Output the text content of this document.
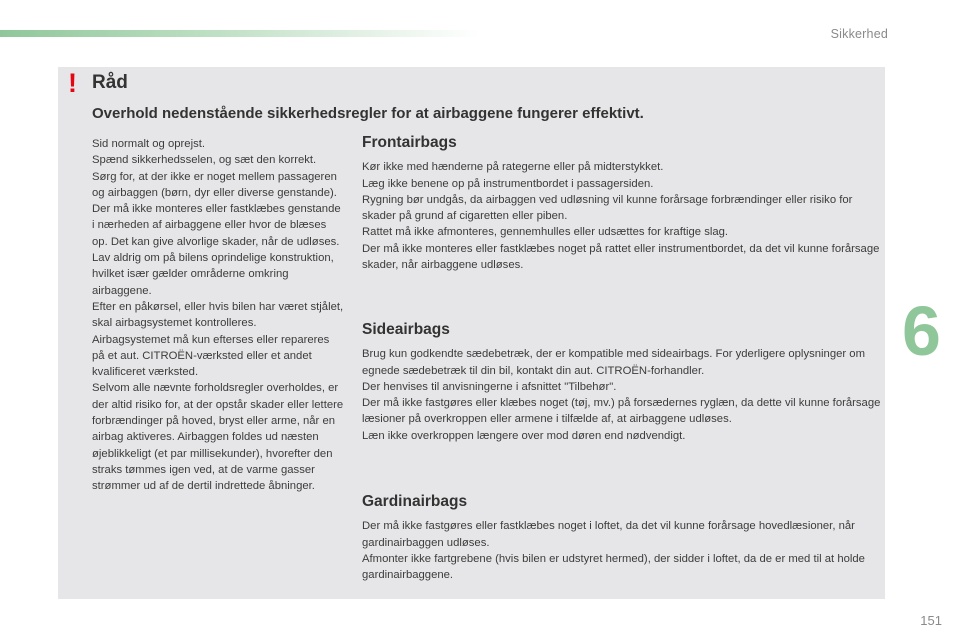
Sikkerhed
6
151
! Råd
Overhold nedenstående sikkerhedsregler for at airbaggene fungerer effektivt.

Sid normalt og oprejst.

Spænd sikkerhedsselen, og sæt den korrekt.

Sørg for, at der ikke er noget mellem passageren og airbaggen (børn, dyr eller diverse genstande). Der må ikke monteres eller fastklæbes genstande i nærheden af airbaggene eller hvor de blæses op. Det kan give alvorlige skader, når de udløses.

Lav aldrig om på bilens oprindelige konstruktion, hvilket især gælder områderne omkring airbaggene.

Efter en påkørsel, eller hvis bilen har været stjålet, skal airbagsystemet kontrolleres.

Airbagsystemet må kun efterses eller repareres på et aut. CITROËN-værksted eller et andet kvalificeret værksted.

Selvom alle nævnte forholdsregler overholdes, er der altid risiko for, at der opstår skader eller lettere forbrændinger på hoved, bryst eller arme, når en airbag aktiveres. Airbaggen foldes ud næsten øjeblikkeligt (et par millisekunder), hvorefter den straks tømmes igen ved, at de varme gasser strømmer ud af de dertil indrettede åbninger.

Frontairbags

Kør ikke med hænderne på rategerne eller på midterstykket.

Læg ikke benene op på instrumentbordet i passagersiden.

Rygning bør undgås, da airbaggen ved udløsning vil kunne forårsage forbrændinger eller risiko for skader på grund af cigaretten eller piben.

Rattet må ikke afmonteres, gennemhulles eller udsættes for kraftige slag.

Der må ikke monteres eller fastklæbes noget på rattet eller instrumentbordet, da det vil kunne forårsage skader, når airbaggene udløses.

Sideairbags

Brug kun godkendte sædebetræk, der er kompatible med sideairbags. For yderligere oplysninger om egnede sædebetræk til din bil, kontakt din aut. CITROËN-forhandler.

Der henvises til anvisningerne i afsnittet "Tilbehør".

Der må ikke fastgøres eller klæbes noget (tøj, mv.) på forsædernes ryglæn, da dette vil kunne forårsage læsioner på overkroppen eller armene i tilfælde af, at airbaggene udløses.

Læn ikke overkroppen længere over mod døren end nødvendigt.

Gardinairbags

Der må ikke fastgøres eller fastklæbes noget i loftet, da det vil kunne forårsage hovedlæsioner, når gardinairbaggen udløses.

Afmonter ikke fartgrebene (hvis bilen er udstyret hermed), der sidder i loftet, da de er med til at holde gardinairbaggene.
